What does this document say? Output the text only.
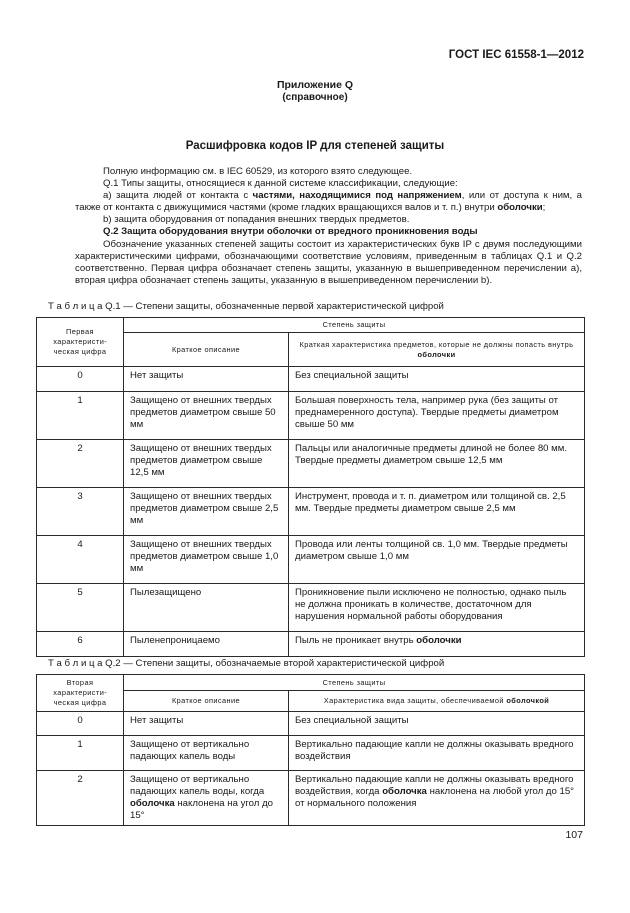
ГОСТ IEC 61558-1—2012
Приложение Q
(справочное)
Расшифровка кодов IP для степеней защиты

Полную информацию см. в IEC 60529, из которого взято следующее.

Q.1 Типы защиты, относящиеся к данной системе классификации, следующие:

а) защита людей от контакта с частями, находящимися под напряжением, или от доступа к ним, а также от контакта с движущимися частями (кроме гладких вращающихся валов и т. п.) внутри оболочки;

b) защита оборудования от попадания внешних твердых предметов.

Q.2 Защита оборудования внутри оболочки от вредного проникновения воды

Обозначение указанных степеней защиты состоит из характеристических букв IP с двумя последующими характеристическими цифрами, обозначающими соответствие условиям, приведенным в таблицах Q.1 и Q.2 соответственно. Первая цифра обозначает степень защиты, указанную в вышеприведенном перечислении а), вторая цифра обозначает степень защиты, указанную в вышеприведенном перечислении b).

Т а б л и ц а Q.1 — Степени защиты, обозначенные первой характеристической цифрой
Первая характеристическая цифра	Степень защиты	
	Краткое описание	Краткая характеристика предметов, которые не должны попасть внутрь оболочки
0	Нет защиты	Без специальной защиты
1	Защищено от внешних твердых предметов диаметром свыше 50 мм	Большая поверхность тела, например рука (без защиты от преднамеренного доступа). Твердые предметы диаметром свыше 50 мм
2	Защищено от внешних твердых предметов диаметром свыше 12,5 мм	Пальцы или аналогичные предметы длиной не более 80 мм. Твердые предметы диаметром свыше 12,5 мм
3	Защищено от внешних твердых предметов диаметром свыше 2,5 мм	Инструмент, провода и т. п. диаметром или толщиной св. 2,5 мм. Твердые предметы диаметром свыше 2,5 мм
4	Защищено от внешних твердых предметов диаметром свыше 1,0 мм	Провода или ленты толщиной св. 1,0 мм. Твердые предметы диаметром свыше 1,0 мм
5	Пылезащищено	Проникновение пыли исключено не полностью, однако пыль не должна проникать в количестве, достаточном для нарушения нормальной работы оборудования
6	Пыленепроницаемо	Пыль не проникает внутрь оболочки
Т а б л и ц а Q.2 — Степени защиты, обозначаемые второй характеристической цифрой
Вторая характеристическая цифра	Степень защиты	
	Краткое описание	Характеристика вида защиты, обеспечиваемой оболочкой
0	Нет защиты	Без специальной защиты
1	Защищено от вертикально падающих капель воды	Вертикально падающие капли не должны оказывать вредного воздействия
2	Защищено от вертикально падающих капель воды, когда оболочка наклонена на угол до 15°	Вертикально падающие капли не должны оказывать вредного воздействия, когда оболочка наклонена на любой угол до 15° от нормального положения
107
